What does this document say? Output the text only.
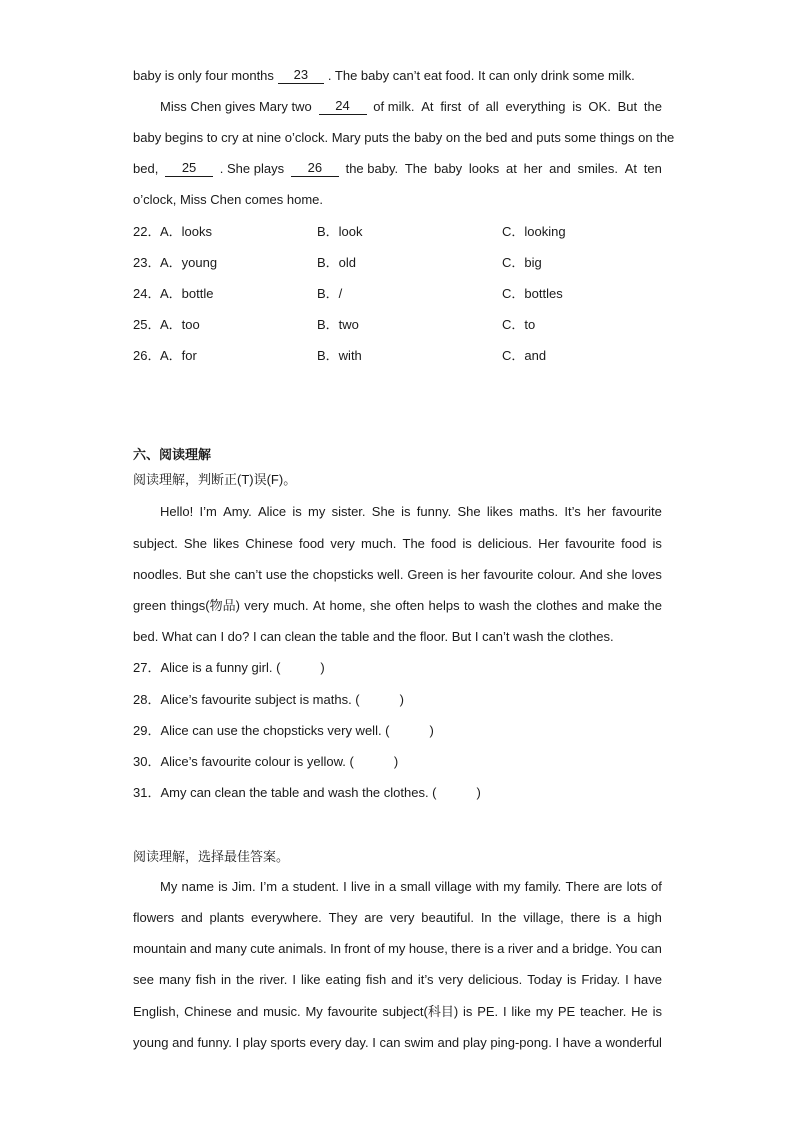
baby is only four months	23	. The baby can’t eat food. It can only drink some milk.
Miss Chen gives Mary two	24	of milk. At first of all everything is OK. But the
baby begins to cry at nine o’clock. Mary puts the baby on the bed and puts some things on the
bed,	25	. She plays	26	the baby. The baby looks at her and smiles. At ten
o’clock, Miss Chen comes home.
22． A．looks	B．look	C．looking
23． A．young	B．old	C．big
24． A．bottle	B．/	C．bottles
25． A．too	B．two	C．to
26． A．for	B．with	C．and
六、阅读理解
阅读理解，判断正(T)误(F)。
Hello! I’m Amy. Alice is my sister. She is funny. She likes maths. It’s her favourite
subject. She likes Chinese food very much. The food is delicious. Her favourite food is
noodles. But she can’t use the chopsticks well. Green is her favourite colour. And she loves
green things(物品) very much. At home, she often helps to wash the clothes and make the
bed. What can I do? I can clean the table and the floor. But I can’t wash the clothes.
27．Alice is a funny girl. (	)
28．Alice’s favourite subject is maths. (	)
29．Alice can use the chopsticks very well. (	)
30．Alice’s favourite colour is yellow. (	)
31．Amy can clean the table and wash the clothes. (	)
阅读理解，选择最佳答案。
My name is Jim. I’m a student. I live in a small village with my family. There are lots of
flowers and plants everywhere. They are very beautiful. In the village, there is a high
mountain and many cute animals. In front of my house, there is a river and a bridge. You can
see many fish in the river. I like eating fish and it’s very delicious. Today is Friday. I have
English, Chinese and music. My favourite subject(科目) is PE. I like my PE teacher. He is
young and funny. I play sports every day. I can swim and play ping-pong. I have a wonderful
